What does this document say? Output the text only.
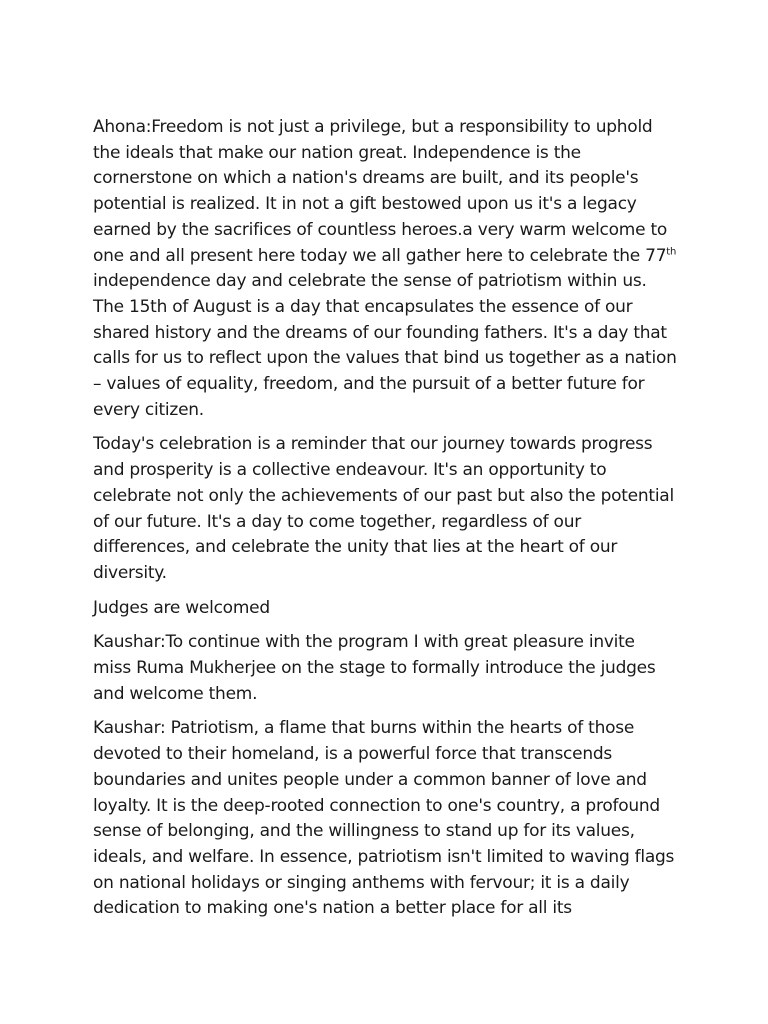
Ahona:Freedom is not just a privilege, but a responsibility to uphold the ideals that make our nation great. Independence is the cornerstone on which a nation's dreams are built, and its people's potential is realized. It in not a gift bestowed upon us it's a legacy earned by the sacrifices of countless heroes.a very warm welcome to one and all present here today we all gather here to celebrate the 77th independence day and celebrate the sense of patriotism within us. The 15th of August is a day that encapsulates the essence of our shared history and the dreams of our founding fathers. It's a day that calls for us to reflect upon the values that bind us together as a nation – values of equality, freedom, and the pursuit of a better future for every citizen.

Today's celebration is a reminder that our journey towards progress and prosperity is a collective endeavour. It's an opportunity to celebrate not only the achievements of our past but also the potential of our future. It's a day to come together, regardless of our differences, and celebrate the unity that lies at the heart of our diversity.

Judges are welcomed

Kaushar:To continue with the program I with great pleasure invite miss Ruma Mukherjee on the stage to formally introduce the judges and welcome them.

Kaushar: Patriotism, a flame that burns within the hearts of those devoted to their homeland, is a powerful force that transcends boundaries and unites people under a common banner of love and loyalty. It is the deep-rooted connection to one's country, a profound sense of belonging, and the willingness to stand up for its values, ideals, and welfare. In essence, patriotism isn't limited to waving flags on national holidays or singing anthems with fervour; it is a daily dedication to making one's nation a better place for all its
